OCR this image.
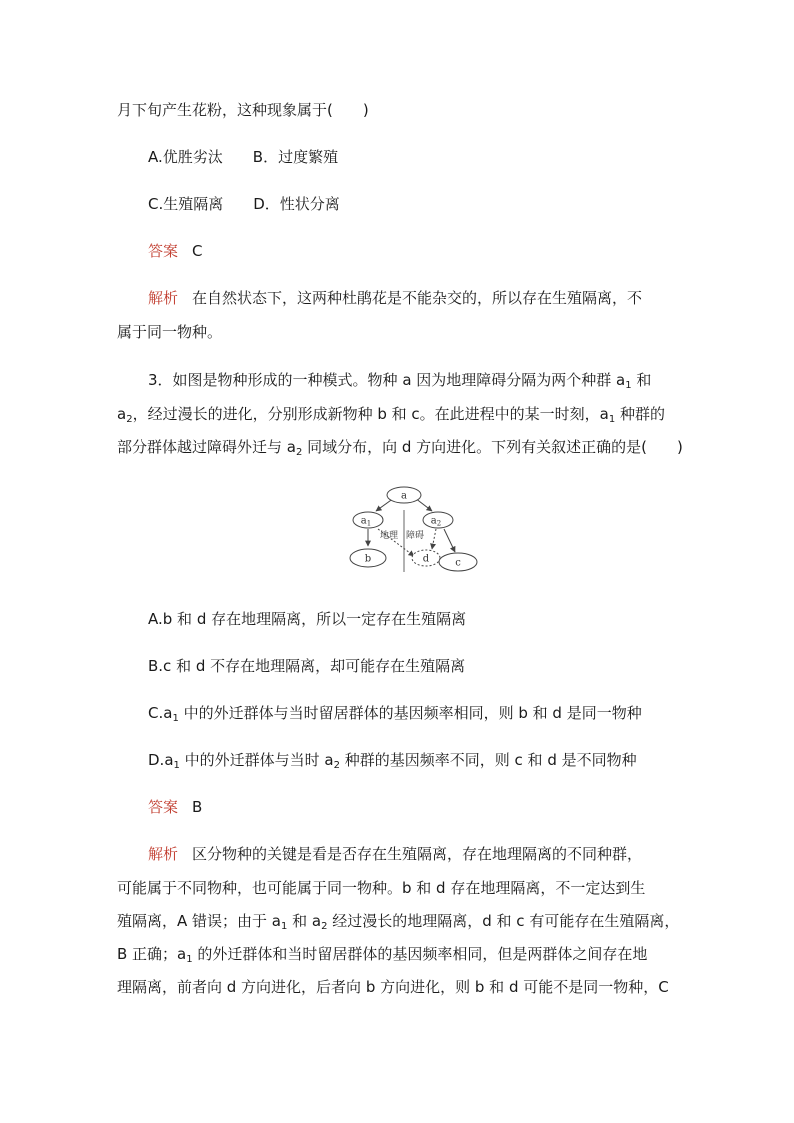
月下旬产生花粉，这种现象属于(　　)
A.优胜劣汰 B．过度繁殖
C.生殖隔离 D．性状分离
答案 C
解析 在自然状态下，这两种杜鹃花是不能杂交的，所以存在生殖隔离，不
属于同一物种。
3．如图是物种形成的一种模式。物种 a 因为地理障碍分隔为两个种群 $a_1$ 和
$a_2$，经过漫长的进化，分别形成新物种 b 和 c。在此进程中的某一时刻，$a_1$ 种群的
部分群体越过障碍外迁与 $a_2$ 同域分布，向 d 方向进化。下列有关叙述正确的是(　　)
地理 障碍
a
$a_1$	$a_2$
b	d	c
A.b 和 d 存在地理隔离，所以一定存在生殖隔离
B.c 和 d 不存在地理隔离，却可能存在生殖隔离
$C.a_1$ 中的外迁群体与当时留居群体的基因频率相同，则 b 和 d 是同一物种
$D.a_1$ 中的外迁群体与当时 $a_2$ 种群的基因频率不同，则 c 和 d 是不同物种
答案 B
解析 区分物种的关键是看是否存在生殖隔离，存在地理隔离的不同种群，
可能属于不同物种，也可能属于同一物种。b 和 d 存在地理隔离，不一定达到生
殖隔离，A 错误；由于 $a_1$ 和 $a_2$ 经过漫长的地理隔离，d 和 c 有可能存在生殖隔离，
B 正确；$a_1$ 的外迁群体和当时留居群体的基因频率相同，但是两群体之间存在地
理隔离，前者向 d 方向进化，后者向 b 方向进化，则 b 和 d 可能不是同一物种，C
